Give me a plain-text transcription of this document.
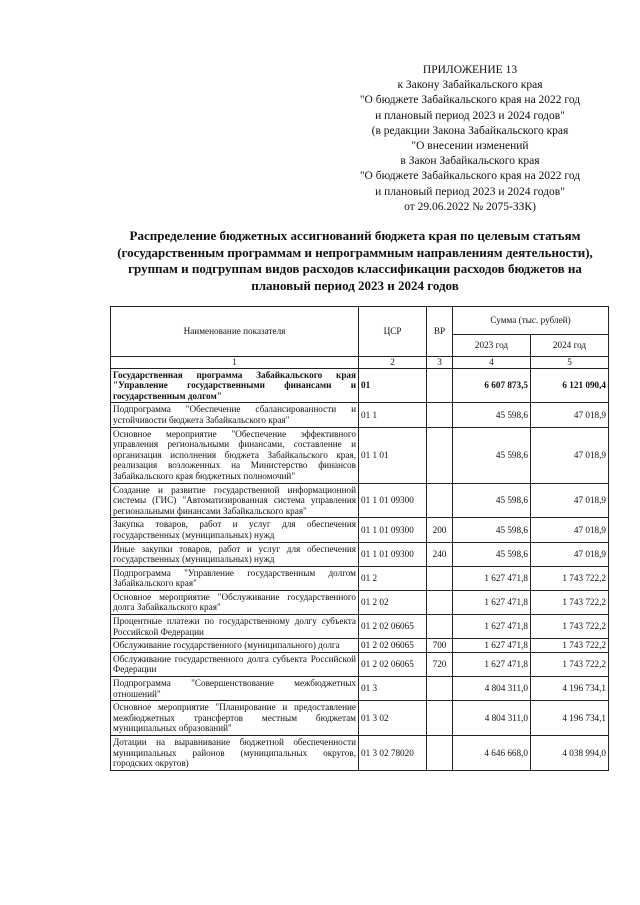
ПРИЛОЖЕНИЕ 13
к Закону Забайкальского края
"О бюджете Забайкальского края на 2022 год
и плановый период 2023 и 2024 годов"
(в редакции Закона Забайкальского края
"О внесении изменений
в Закон Забайкальского края
"О бюджете Забайкальского края на 2022 год
и плановый период 2023 и 2024 годов"
от 29.06.2022 № 2075-ЗЗК)
Распределение бюджетных ассигнований бюджета края по целевым статьям (государственным программам и непрограммным направлениям деятельности), группам и подгруппам видов расходов классификации расходов бюджетов на плановый период 2023 и 2024 годов
Наименование показателя	ЦСР	ВР	Сумма (тыс. рублей)	
			2023 год	2024 год
1	2	3	4	5
Государственная программа Забайкальского края "Управление государственными финансами и государственным долгом"	01		6 607 873,5	6 121 090,4
Подпрограмма "Обеспечение сбалансированности и устойчивости бюджета Забайкальского края"	01 1		45 598,6	47 018,9
Основное мероприятие "Обеспечение эффективного управления региональными финансами, составление и организация исполнения бюджета Забайкальского края, реализация возложенных на Министерство финансов Забайкальского края бюджетных полномочий"	01 1 01		45 598,6	47 018,9
Создание и развитие государственной информационной системы (ГИС) "Автоматизированная система управления региональными финансами Забайкальского края"	01 1 01 09300		45 598,6	47 018,9
Закупка товаров, работ и услуг для обеспечения государственных (муниципальных) нужд	01 1 01 09300	200	45 598,6	47 018,9
Иные закупки товаров, работ и услуг для обеспечения государственных (муниципальных) нужд	01 1 01 09300	240	45 598,6	47 018,9
Подпрограмма "Управление государственным долгом Забайкальского края"	01 2		1 627 471,8	1 743 722,2
Основное мероприятие "Обслуживание государственного долга Забайкальского края"	01 2 02		1 627 471,8	1 743 722,2
Процентные платежи по государственному долгу субъекта Российской Федерации	01 2 02 06065		1 627 471,8	1 743 722,2
Обслуживание государственного (муниципального) долга	01 2 02 06065	700	1 627 471,8	1 743 722,2
Обслуживание государственного долга субъекта Российской Федерации	01 2 02 06065	720	1 627 471,8	1 743 722,2
Подпрограмма "Совершенствование межбюджетных отношений"	01 3		4 804 311,0	4 196 734,1
Основное мероприятие "Планирование и предоставление межбюджетных трансфертов местным бюджетам муниципальных образований"	01 3 02		4 804 311,0	4 196 734,1
Дотации на выравнивание бюджетной обеспеченности муниципальных районов (муниципальных округов, городских округов)	01 3 02 78020		4 646 668,0	4 038 994,0
